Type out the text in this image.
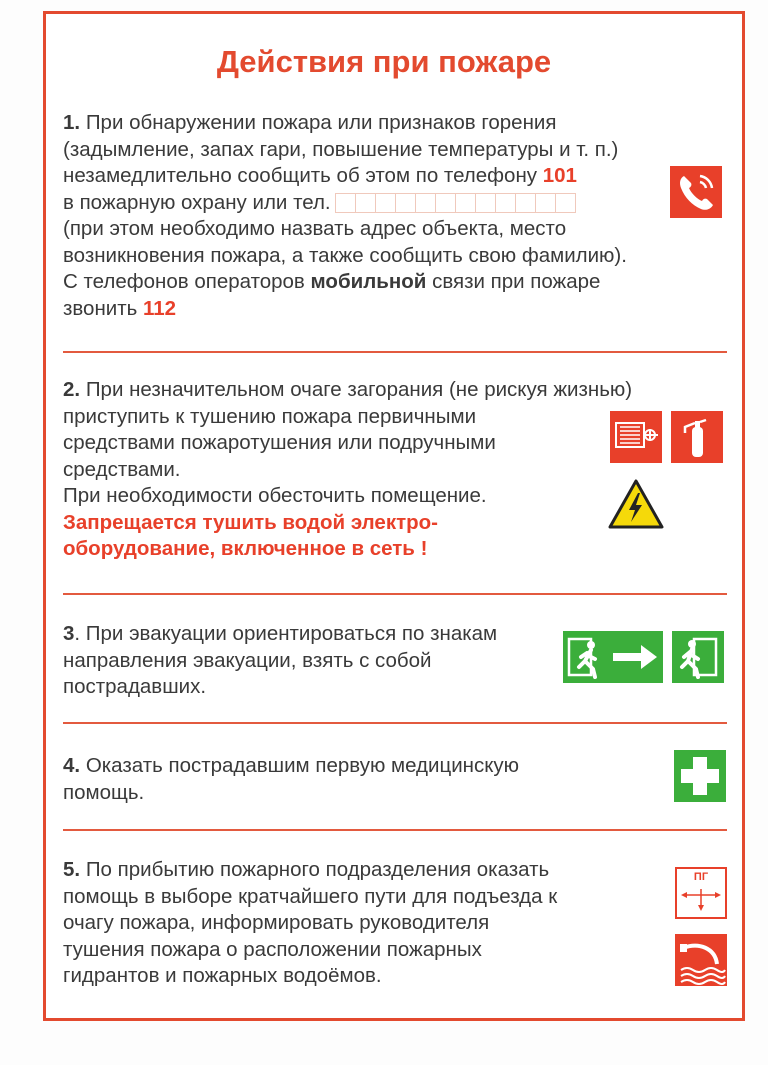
Действия при пожаре
1. При обнаружении пожара или признаков горения
(задымление, запах гари, повышение температуры и т. п.)
незамедлительно сообщить об этом по телефону 101
в пожарную охрану или тел.
(при этом необходимо назвать адрес объекта, место
возникновения пожара, а также сообщить свою фамилию).
С телефонов операторов мобильной связи при пожаре
звонить 112
2. При незначительном очаге загорания (не рискуя жизнью)
приступить к тушению пожара первичными
средствами пожаротушения или подручными
средствами.
При необходимости обесточить помещение.
Запрещается тушить водой электро-
оборудование, включенное в сеть !
3. При эвакуации ориентироваться по знакам
направления эвакуации, взять с собой
пострадавших.
4. Оказать пострадавшим первую медицинскую
помощь.
5. По прибытию пожарного подразделения оказать
помощь в выборе кратчайшего пути для подъезда к
очагу пожара, информировать руководителя
тушения пожара о расположении пожарных
гидрантов и пожарных водоёмов.
ПГ
